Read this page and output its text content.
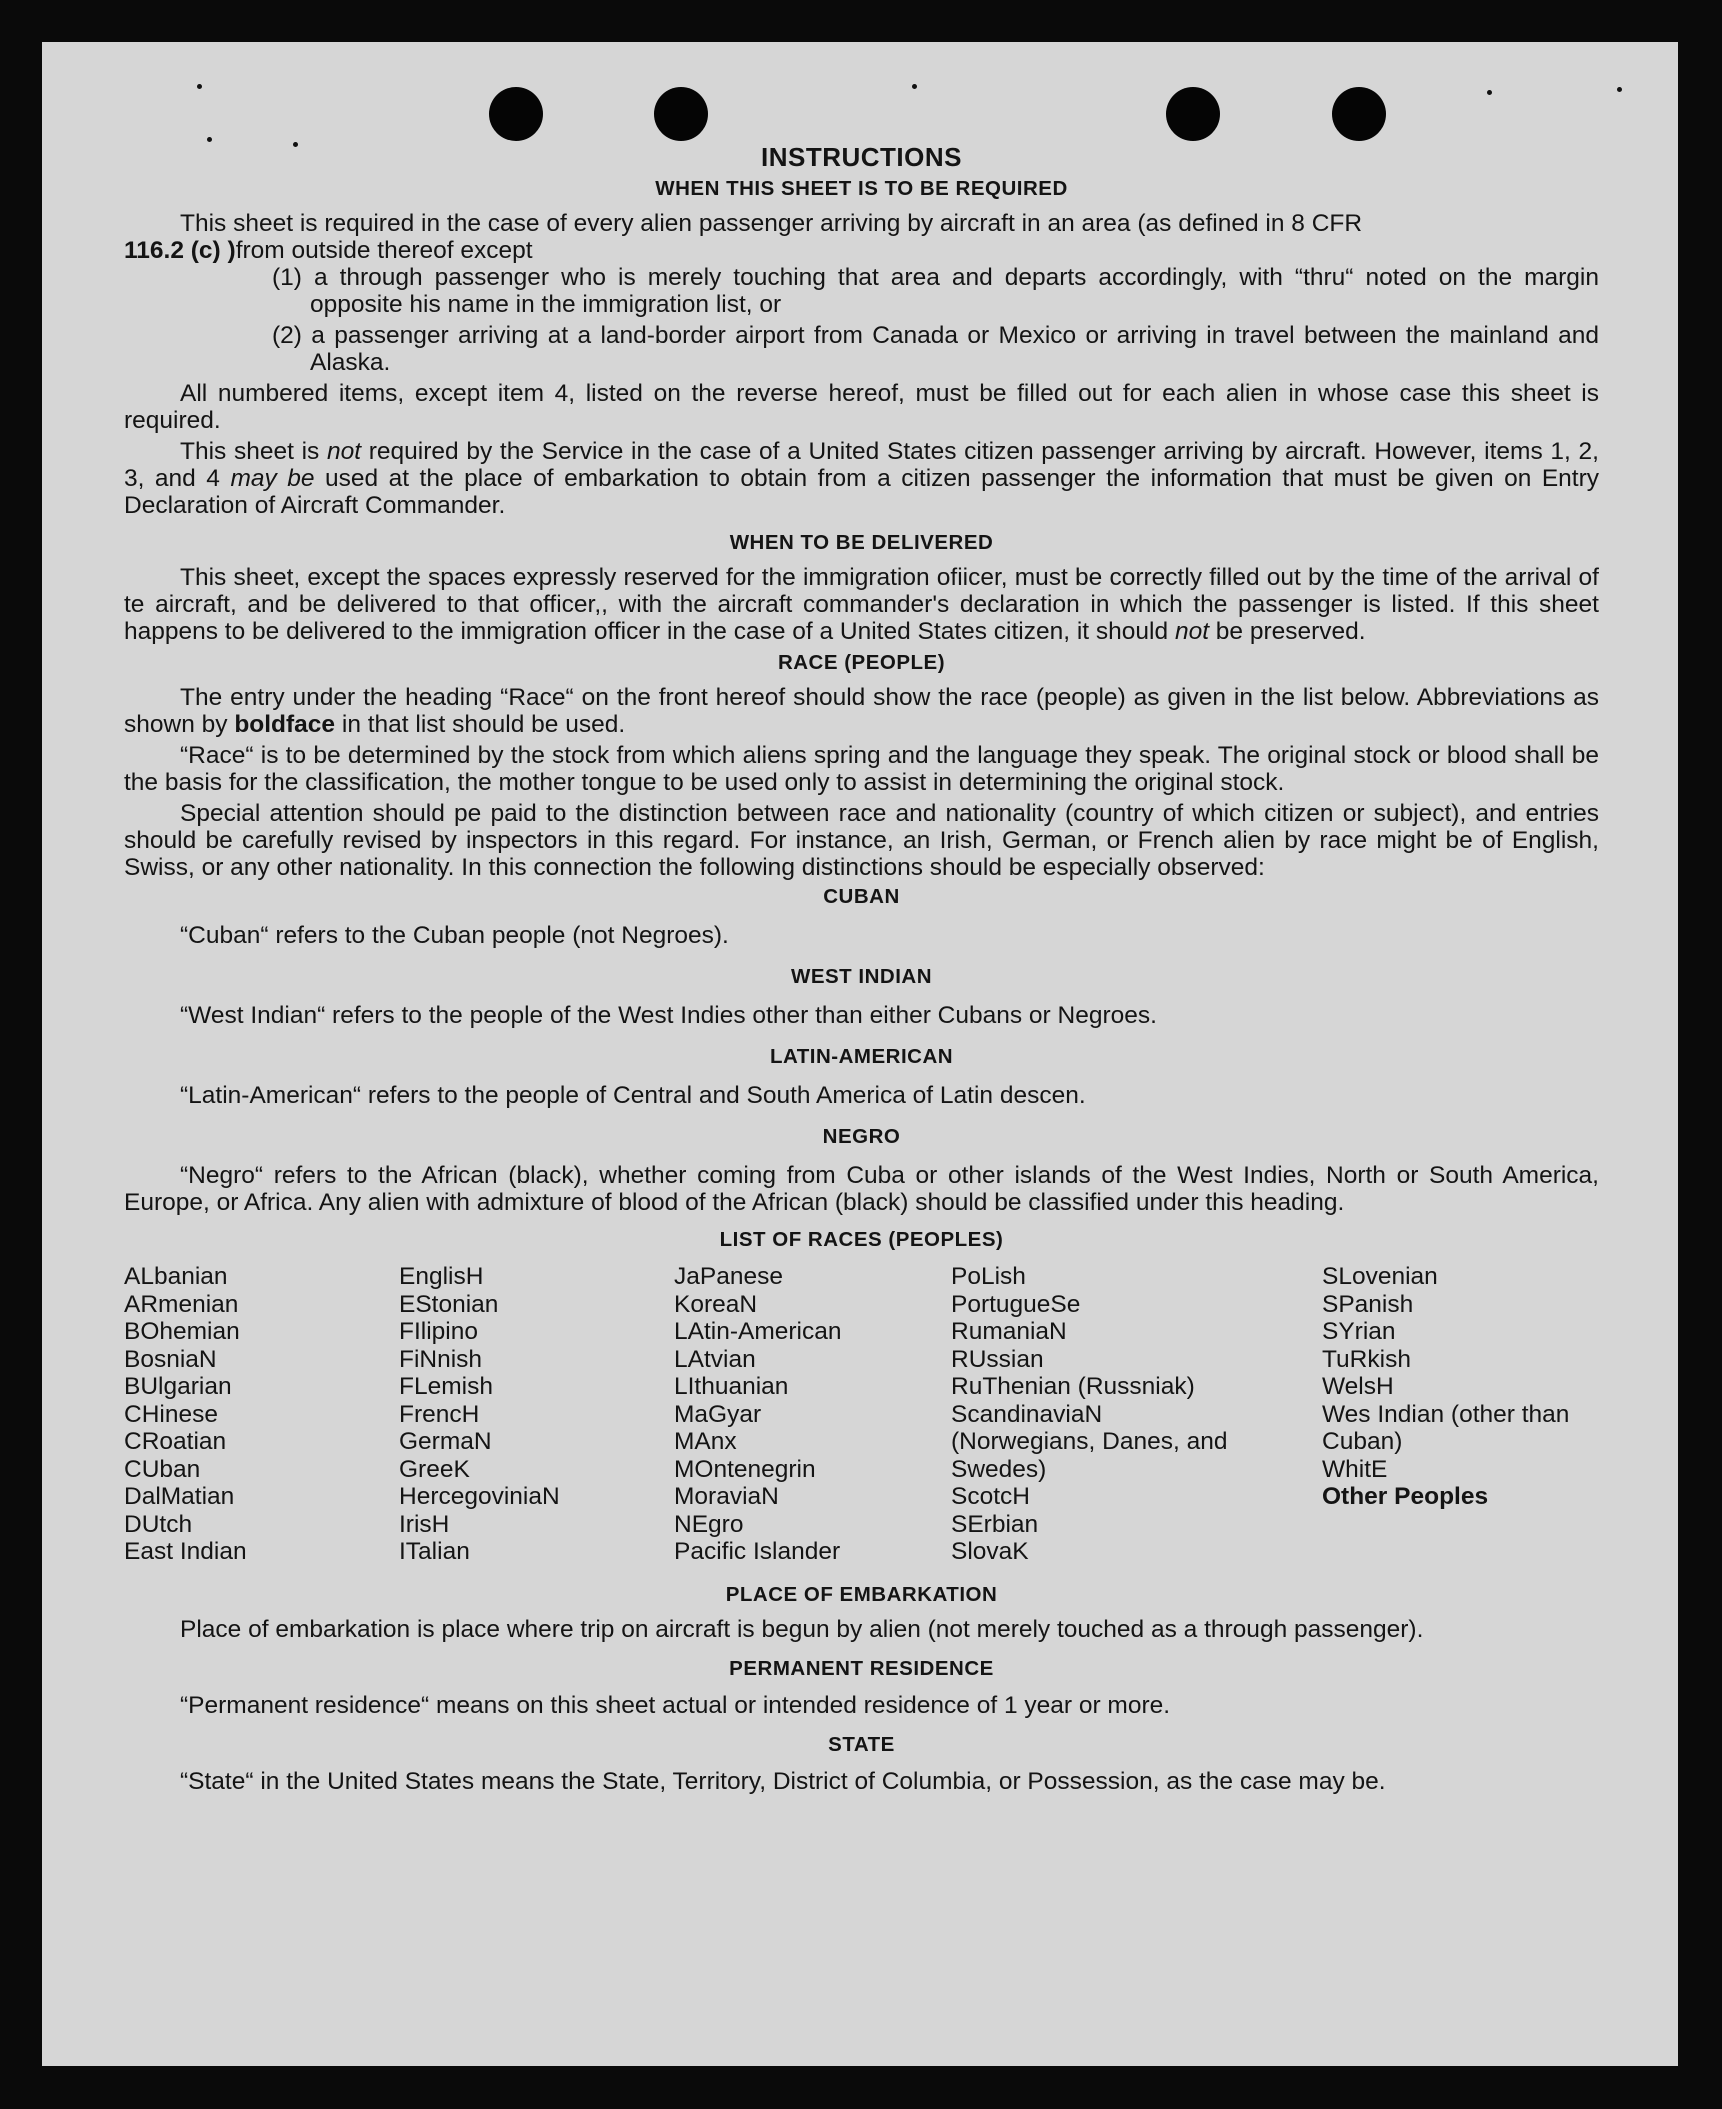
INSTRUCTIONS
WHEN THIS SHEET IS TO BE REQUIRED

This sheet is required in the case of every alien passenger arriving by aircraft in an area (as defined in 8 CFR
116.2 (c) )from outside thereof except

(1) a through passenger who is merely touching that area and departs accordingly, with “thru“ noted on the margin opposite his name in the immigration list, or

(2) a passenger arriving at a land-border airport from Canada or Mexico or arriving in travel between the mainland and Alaska.

All numbered items, except item 4, listed on the reverse hereof, must be filled out for each alien in whose case this sheet is required.

This sheet is not required by the Service in the case of a United States citizen passenger arriving by aircraft. However, items 1, 2, 3, and 4 may be used at the place of embarkation to obtain from a citizen passenger the information that must be given on Entry Declaration of Aircraft Commander.

WHEN TO BE DELIVERED

This sheet, except the spaces expressly reserved for the immigration ofiicer, must be correctly filled out by the time of the arrival of te aircraft, and be delivered to that officer,, with the aircraft commander's declaration in which the passenger is listed. If this sheet happens to be delivered to the immigration officer in the case of a United States citizen, it should not be preserved.

RACE (PEOPLE)

The entry under the heading “Race“ on the front hereof should show the race (people) as given in the list below. Abbreviations as shown by boldface in that list should be used.

“Race“ is to be determined by the stock from which aliens spring and the language they speak. The original stock or blood shall be the basis for the classification, the mother tongue to be used only to assist in determining the original stock.

Special attention should pe paid to the distinction between race and nationality (country of which citizen or subject), and entries should be carefully revised by inspectors in this regard. For instance, an Irish, German, or French alien by race might be of English, Swiss, or any other nationality. In this connection the following distinctions should be especially observed:

CUBAN

“Cuban“ refers to the Cuban people (not Negroes).

WEST INDIAN

“West Indian“ refers to the people of the West Indies other than either Cubans or Negroes.

LATIN-AMERICAN

“Latin-American“ refers to the people of Central and South America of Latin descen.

NEGRO

“Negro“ refers to the African (black), whether coming from Cuba or other islands of the West Indies, North or South America, Europe, or Africa. Any alien with admixture of blood of the African (black) should be classified under this heading.

LIST OF RACES (PEOPLES)
ALbanian
ARmenian
BOhemian
BosniaN
BUlgarian
CHinese
CRoatian
CUban
DalMatian
DUtch
East Indian
EnglisH
EStonian
FIlipino
FiNnish
FLemish
FrencH
GermaN
GreeK
HercegoviniaN
IrisH
ITalian
JaPanese
KoreaN
LAtin-American
LAtvian
LIthuanian
MaGyar
MAnx
MOntenegrin
MoraviaN
NEgro
Pacific Islander
PoLish
PortugueSe
RumaniaN
RUssian
RuThenian (Russniak)
ScandinaviaN (Norwegians, Danes, and Swedes)
ScotcH
SErbian
SlovaK
SLovenian
SPanish
SYrian
TuRkish
WelsH
Wes Indian (other than Cuban)
WhitE
Other Peoples
PLACE OF EMBARKATION

Place of embarkation is place where trip on aircraft is begun by alien (not merely touched as a through passenger).

PERMANENT RESIDENCE

“Permanent residence“ means on this sheet actual or intended residence of 1 year or more.

STATE

“State“ in the United States means the State, Territory, District of Columbia, or Possession, as the case may be.
